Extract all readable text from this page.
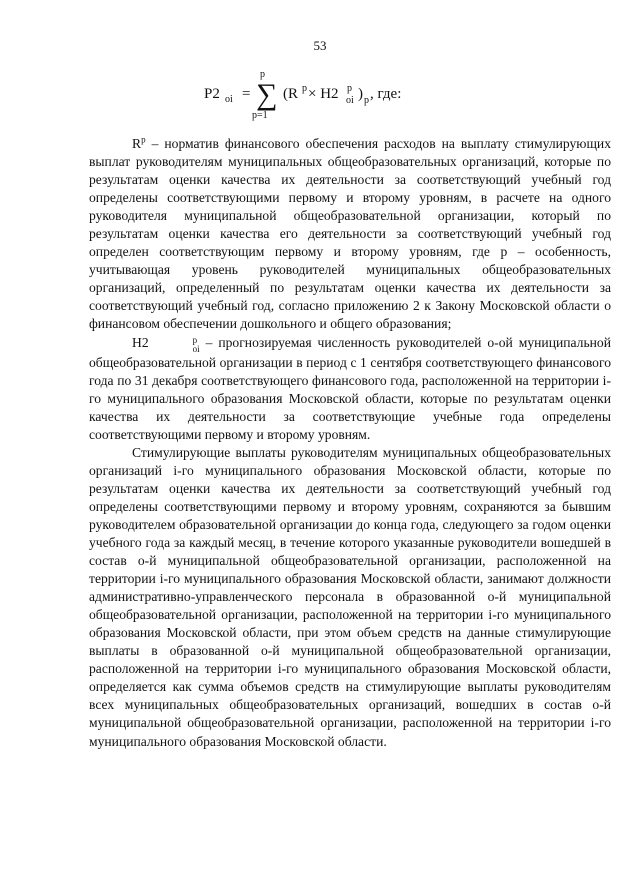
53
Р2 oi =
p
∑
p=1
(R p × Н2 p
oi ) p , где:

$R^p$ – норматив финансового обеспечения расходов на выплату стимулирующих выплат руководителям муниципальных общеобразовательных организаций, которые по результатам оценки качества их деятельности за соответствующий учебный год определены соответствующими первому и второму уровням, в расчете на одного руководителя муниципальной общеобразовательной организации, который по результатам оценки качества его деятельности за соответствующий учебный год определен соответствующим первому и второму уровням, где р – особенность, учитывающая уровень руководителей муниципальных общеобразовательных организаций, определенный по результатам оценки качества их деятельности за соответствующий учебный год, согласно приложению 2 к Закону Московской области о финансовом обеспечении дошкольного и общего образования;

Н2	p
oi – прогнозируемая численность руководителей о-ой муниципальной общеобразовательной организации в период с 1 сентября соответствующего финансового года по 31 декабря соответствующего финансового года, расположенной на территории i-го муниципального образования Московской области, которые по результатам оценки качества их деятельности за соответствующие учебные года определены соответствующими первому и второму уровням.

Стимулирующие выплаты руководителям муниципальных общеобразовательных организаций i-го муниципального образования Московской области, которые по результатам оценки качества их деятельности за соответствующий учебный год определены соответствующими первому и второму уровням, сохраняются за бывшим руководителем образовательной организации до конца года, следующего за годом оценки учебного года за каждый месяц, в течение которого указанные руководители вошедшей в состав о-й муниципальной общеобразовательной организации, расположенной на территории i-го муниципального образования Московской области, занимают должности административно-управленческого персонала в образованной о-й муниципальной общеобразовательной организации, расположенной на территории i-го муниципального образования Московской области, при этом объем средств на данные стимулирующие выплаты в образованной о-й муниципальной общеобразовательной организации, расположенной на территории i-го муниципального образования Московской области, определяется как сумма объемов средств на стимулирующие выплаты руководителям всех муниципальных общеобразовательных организаций, вошедших в состав о-й муниципальной общеобразовательной организации, расположенной на территории i-го муниципального образования Московской области.
